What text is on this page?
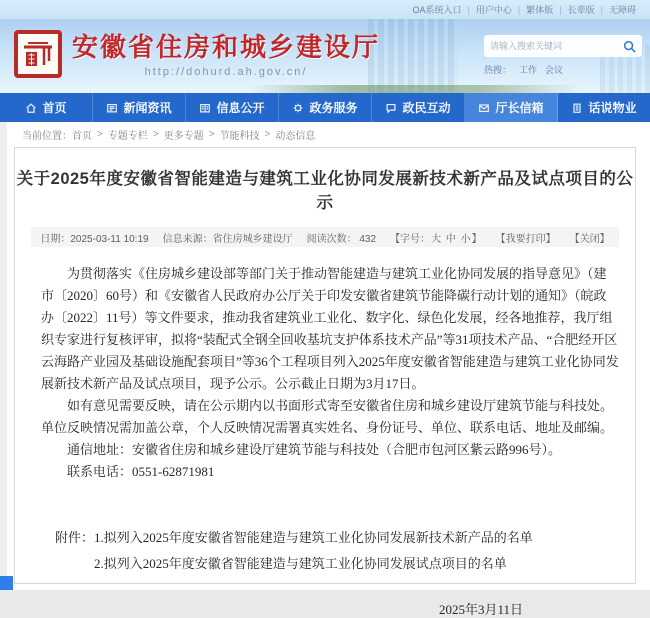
OA系统入口 | 用户中心 | 繁体版 | 长辈版 | 无障碍
安徽省住房和城乡建设厅
http://dohurd.ah.gov.cn/
请输入搜索关键词	热搜： 工作 会议
首页	新闻资讯	信息公开	政务服务	政民互动	厅长信箱	话说物业
当前位置： 首页 > 专题专栏 > 更多专题 > 节能科技 > 动态信息
关于2025年度安徽省智能建造与建筑工业化协同发展新技术新产品及试点项目的公示
日期：2025-03-11 10:19 信息来源：省住房城乡建设厅 阅读次数： 432 【字号：大 中 小】 【我要打印】 【关闭】

为贯彻落实《住房城乡建设部等部门关于推动智能建造与建筑工业化协同发展的指导意见》（建市〔2020〕60号）和《安徽省人民政府办公厅关于印发安徽省建筑节能降碳行动计划的通知》（皖政办〔2022〕11号）等文件要求，推动我省建筑业工业化、数字化、绿色化发展，经各地推荐，我厅组织专家进行复核评审，拟将“装配式全钢全回收基坑支护体系技术产品”等31项技术产品、“合肥经开区云海路产业园及基础设施配套项目”等36个工程项目列入2025年度安徽省智能建造与建筑工业化协同发展新技术新产品及试点项目，现予公示。公示截止日期为3月17日。

如有意见需要反映，请在公示期内以书面形式寄至安徽省住房和城乡建设厅建筑节能与科技处。单位反映情况需加盖公章，个人反映情况需署真实姓名、身份证号、单位、联系电话、地址及邮编。

通信地址：安徽省住房和城乡建设厅建筑节能与科技处（合肥市包河区紫云路996号）。

联系电话：0551-62871981

附件： 1.拟列入2025年度安徽省智能建造与建筑工业化协同发展新技术新产品的名单
2.拟列入2025年度安徽省智能建造与建筑工业化协同发展试点项目的名单
2025年3月11日
